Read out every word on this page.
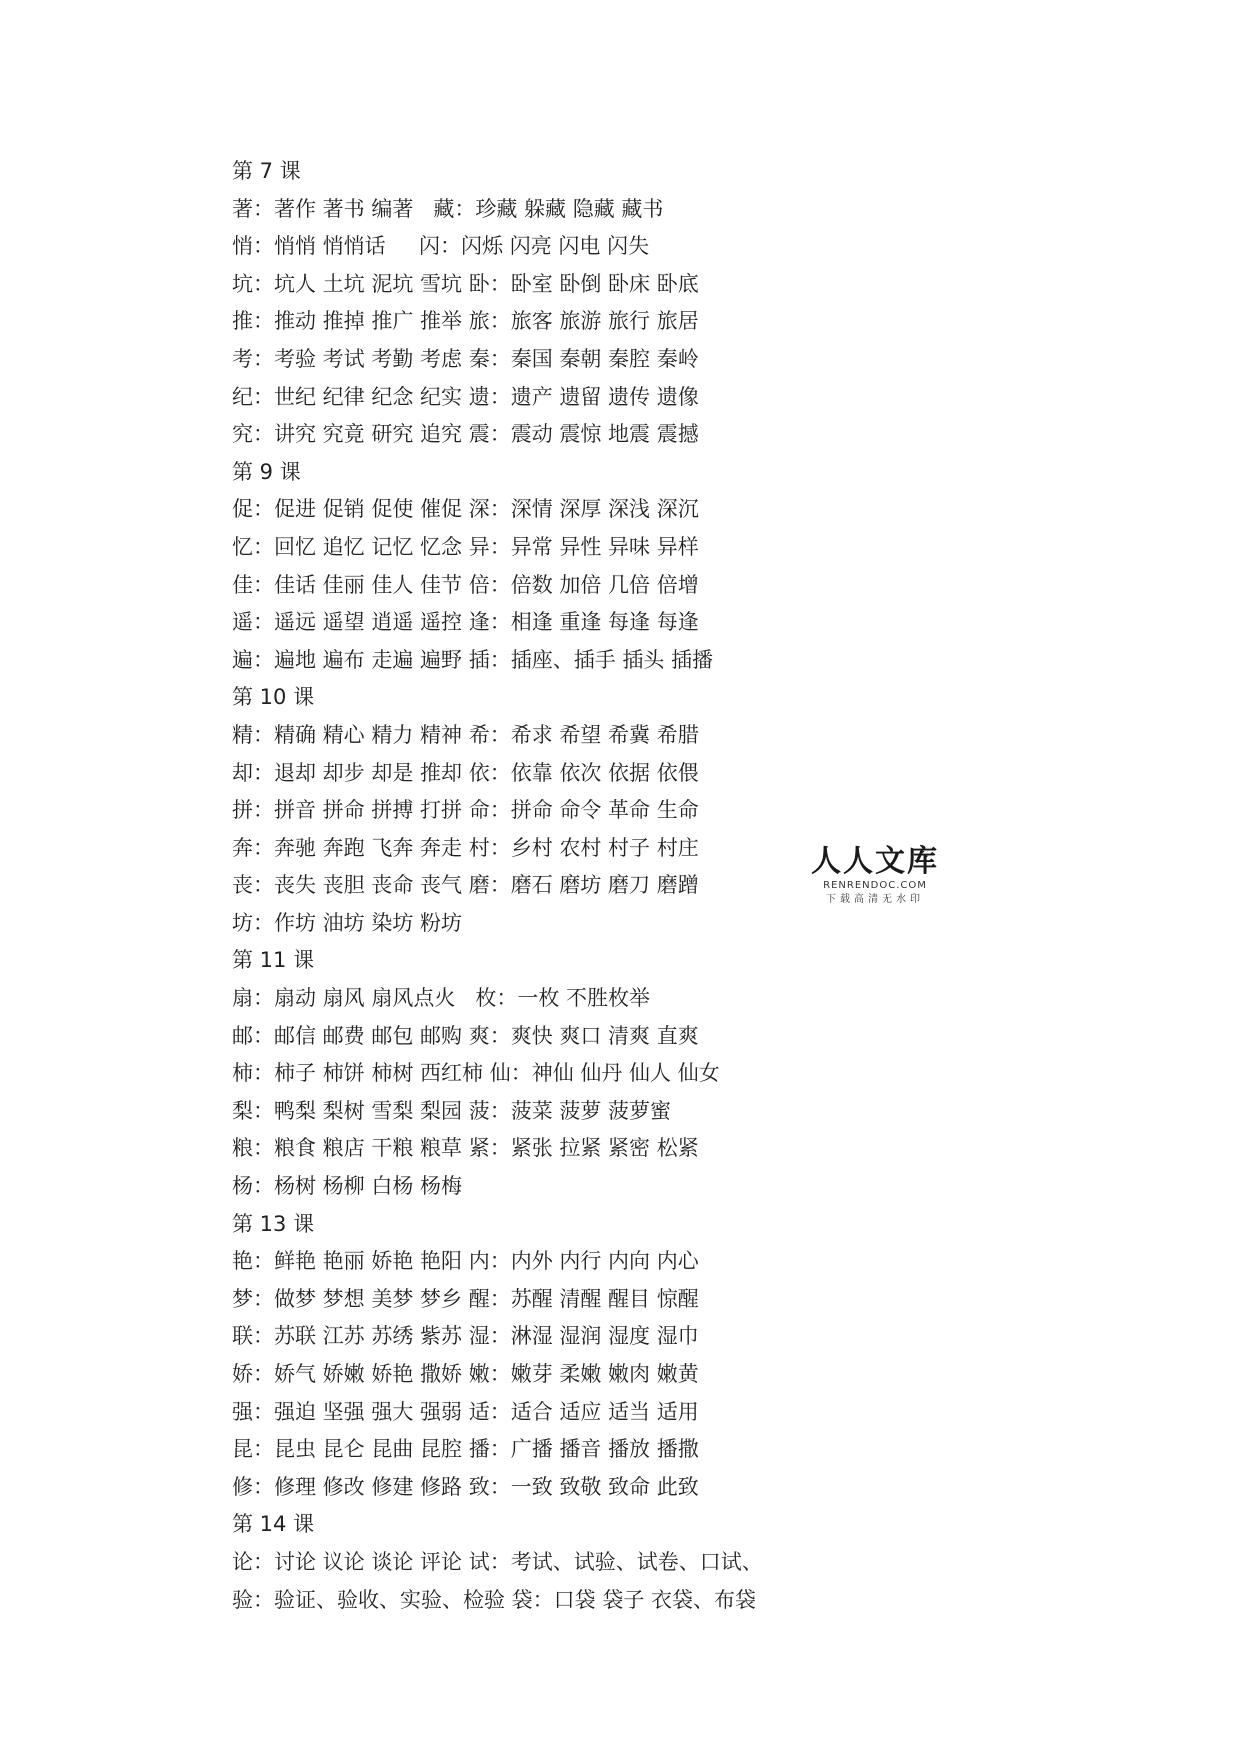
第 7 课
著：著作 著书 编著   藏：珍藏 躲藏 隐藏 藏书
悄：悄悄 悄悄话     闪：闪烁 闪亮 闪电 闪失
坑：坑人 土坑 泥坑 雪坑 卧：卧室 卧倒 卧床 卧底
推：推动 推掉 推广 推举 旅：旅客 旅游 旅行 旅居
考：考验 考试 考勤 考虑 秦：秦国 秦朝 秦腔 秦岭
纪：世纪 纪律 纪念 纪实 遗：遗产 遗留 遗传 遗像
究：讲究 究竟 研究 追究 震：震动 震惊 地震 震撼
第 9 课
促：促进 促销 促使 催促 深：深情 深厚 深浅 深沉
忆：回忆 追忆 记忆 忆念 异：异常 异性 异味 异样
佳：佳话 佳丽 佳人 佳节 倍：倍数 加倍 几倍 倍增
遥：遥远 遥望 逍遥 遥控 逢：相逢 重逢 每逢 每逢
遍：遍地 遍布 走遍 遍野 插：插座、插手 插头 插播
第 10 课
精：精确 精心 精力 精神 希：希求 希望 希冀 希腊
却：退却 却步 却是 推却 依：依靠 依次 依据 依偎
拼：拼音 拼命 拼搏 打拼 命：拼命 命令 革命 生命
奔：奔驰 奔跑 飞奔 奔走 村：乡村 农村 村子 村庄
丧：丧失 丧胆 丧命 丧气 磨：磨石 磨坊 磨刀 磨蹭
坊：作坊 油坊 染坊 粉坊
第 11 课
扇：扇动 扇风 扇风点火   枚：一枚 不胜枚举
邮：邮信 邮费 邮包 邮购 爽：爽快 爽口 清爽 直爽
柿：柿子 柿饼 柿树 西红柿 仙：神仙 仙丹 仙人 仙女
梨：鸭梨 梨树 雪梨 梨园 菠：菠菜 菠萝 菠萝蜜
粮：粮食 粮店 干粮 粮草 紧：紧张 拉紧 紧密 松紧
杨：杨树 杨柳 白杨 杨梅
第 13 课
艳：鲜艳 艳丽 娇艳 艳阳 内：内外 内行 内向 内心
梦：做梦 梦想 美梦 梦乡 醒：苏醒 清醒 醒目 惊醒
联：苏联 江苏 苏绣 紫苏 湿：淋湿 湿润 湿度 湿巾
娇：娇气 娇嫩 娇艳 撒娇 嫩：嫩芽 柔嫩 嫩肉 嫩黄
强：强迫 坚强 强大 强弱 适：适合 适应 适当 适用
昆：昆虫 昆仑 昆曲 昆腔 播：广播 播音 播放 播撒
修：修理 修改 修建 修路 致：一致 致敬 致命 此致
第 14 课
论：讨论 议论 谈论 评论 试：考试、试验、试卷、口试、
验：验证、验收、实验、检验 袋：口袋 袋子 衣袋、布袋
人人文库
RENRENDOC.COM
下载高清无水印
